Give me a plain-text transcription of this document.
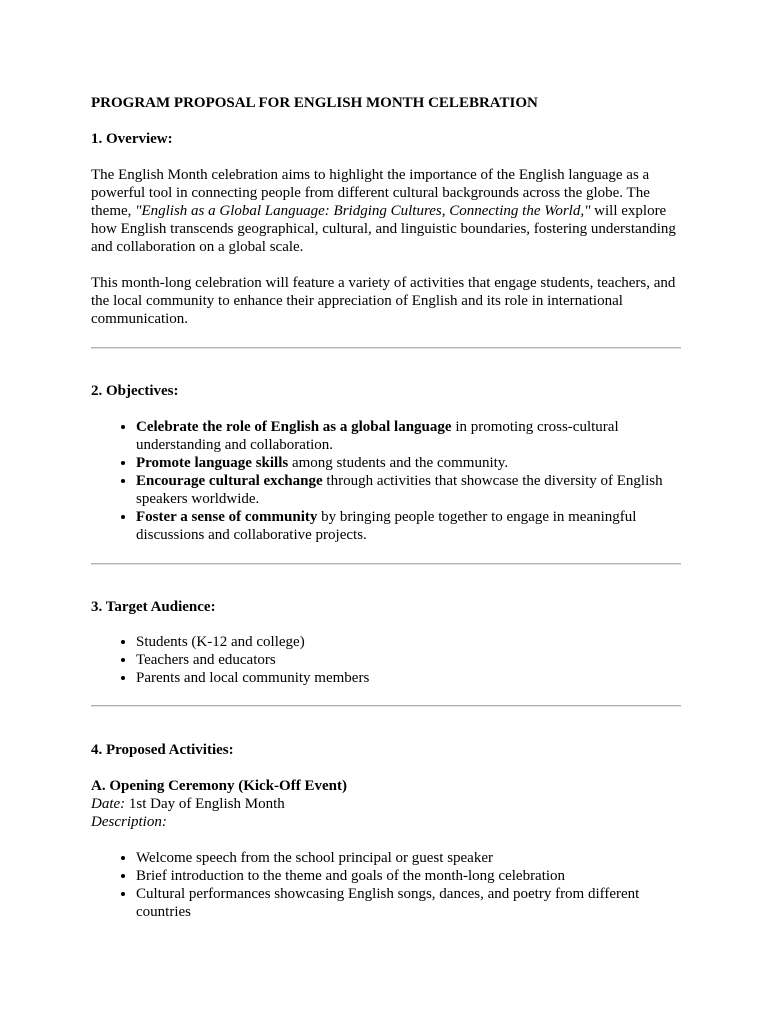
PROGRAM PROPOSAL FOR ENGLISH MONTH CELEBRATION

1. Overview:

The English Month celebration aims to highlight the importance of the English language as a powerful tool in connecting people from different cultural backgrounds across the globe. The theme, "English as a Global Language: Bridging Cultures, Connecting the World," will explore how English transcends geographical, cultural, and linguistic boundaries, fostering understanding and collaboration on a global scale.

This month-long celebration will feature a variety of activities that engage students, teachers, and the local community to enhance their appreciation of English and its role in international communication.

2. Objectives:

• Celebrate the role of English as a global language in promoting cross-cultural understanding and collaboration.
• Promote language skills among students and the community.
• Encourage cultural exchange through activities that showcase the diversity of English speakers worldwide.
• Foster a sense of community by bringing people together to engage in meaningful discussions and collaborative projects.

3. Target Audience:

• Students (K-12 and college)
• Teachers and educators
• Parents and local community members

4. Proposed Activities:

A. Opening Ceremony (Kick-Off Event)

Date: 1st Day of English Month

Description:

• Welcome speech from the school principal or guest speaker
• Brief introduction to the theme and goals of the month-long celebration
• Cultural performances showcasing English songs, dances, and poetry from different countries
